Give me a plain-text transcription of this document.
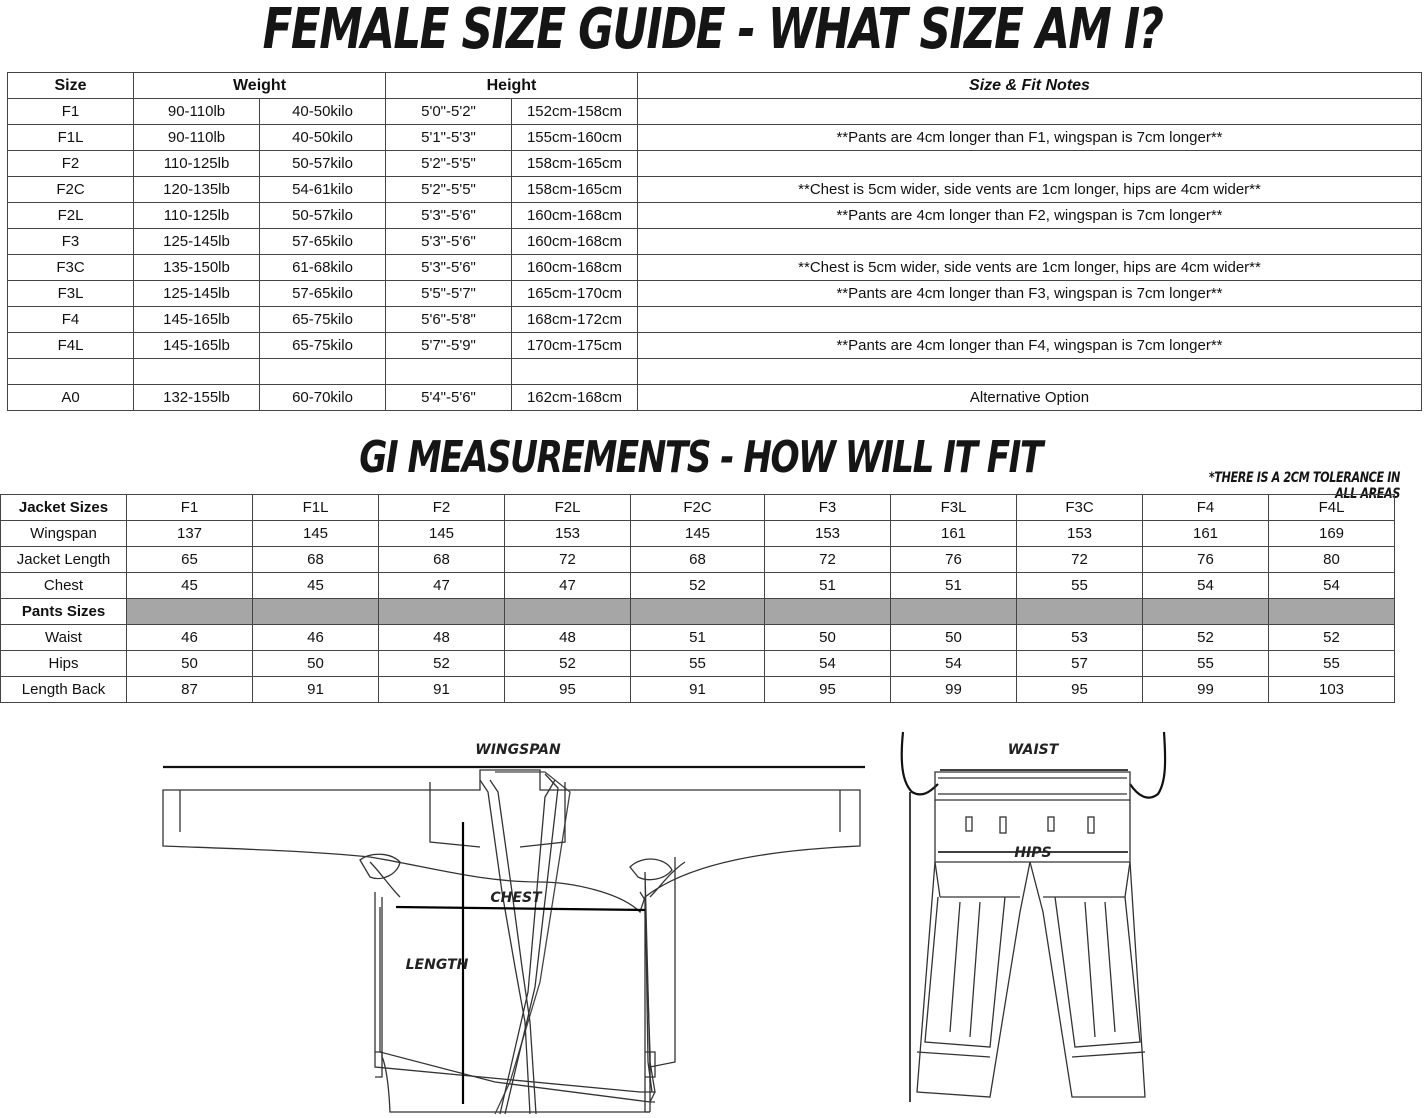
FEMALE SIZE GUIDE - WHAT SIZE AM I?
Size	Weight		Height		Size & Fit Notes
F1	90-110lb	40-50kilo	5'0"-5'2"	152cm-158cm	
F1L	90-110lb	40-50kilo	5'1"-5'3"	155cm-160cm	**Pants are 4cm longer than F1, wingspan is 7cm longer**
F2	110-125lb	50-57kilo	5'2"-5'5"	158cm-165cm	
F2C	120-135lb	54-61kilo	5'2"-5'5"	158cm-165cm	**Chest is 5cm wider, side vents are 1cm longer, hips are 4cm wider**
F2L	110-125lb	50-57kilo	5'3"-5'6"	160cm-168cm	**Pants are 4cm longer than F2, wingspan is 7cm longer**
F3	125-145lb	57-65kilo	5'3"-5'6"	160cm-168cm	
F3C	135-150lb	61-68kilo	5'3"-5'6"	160cm-168cm	**Chest is 5cm wider, side vents are 1cm longer, hips are 4cm wider**
F3L	125-145lb	57-65kilo	5'5"-5'7"	165cm-170cm	**Pants are 4cm longer than F3, wingspan is 7cm longer**
F4	145-165lb	65-75kilo	5'6"-5'8"	168cm-172cm	
F4L	145-165lb	65-75kilo	5'7"-5'9"	170cm-175cm	**Pants are 4cm longer than F4, wingspan is 7cm longer**

A0	132-155lb	60-70kilo	5'4"-5'6"	162cm-168cm	Alternative Option
GI MEASUREMENTS - HOW WILL IT FIT	*THERE IS A 2CM TOLERANCE IN ALL AREAS
Jacket Sizes	F1	F1L	F2	F2L	F2C	F3	F3L	F3C	F4	F4L
Wingspan	137	145	145	153	145	153	161	153	161	169
Jacket Length	65	68	68	72	68	72	76	72	76	80
Chest	45	45	47	47	52	51	51	55	54	54
Pants Sizes										
Waist	46	46	48	48	51	50	50	53	52	52
Hips	50	50	52	52	55	54	54	57	55	55
Length Back	87	91	91	95	91	95	99	95	99	103
WINGSPAN
CHEST
LENGTH
WAIST
HIPS
